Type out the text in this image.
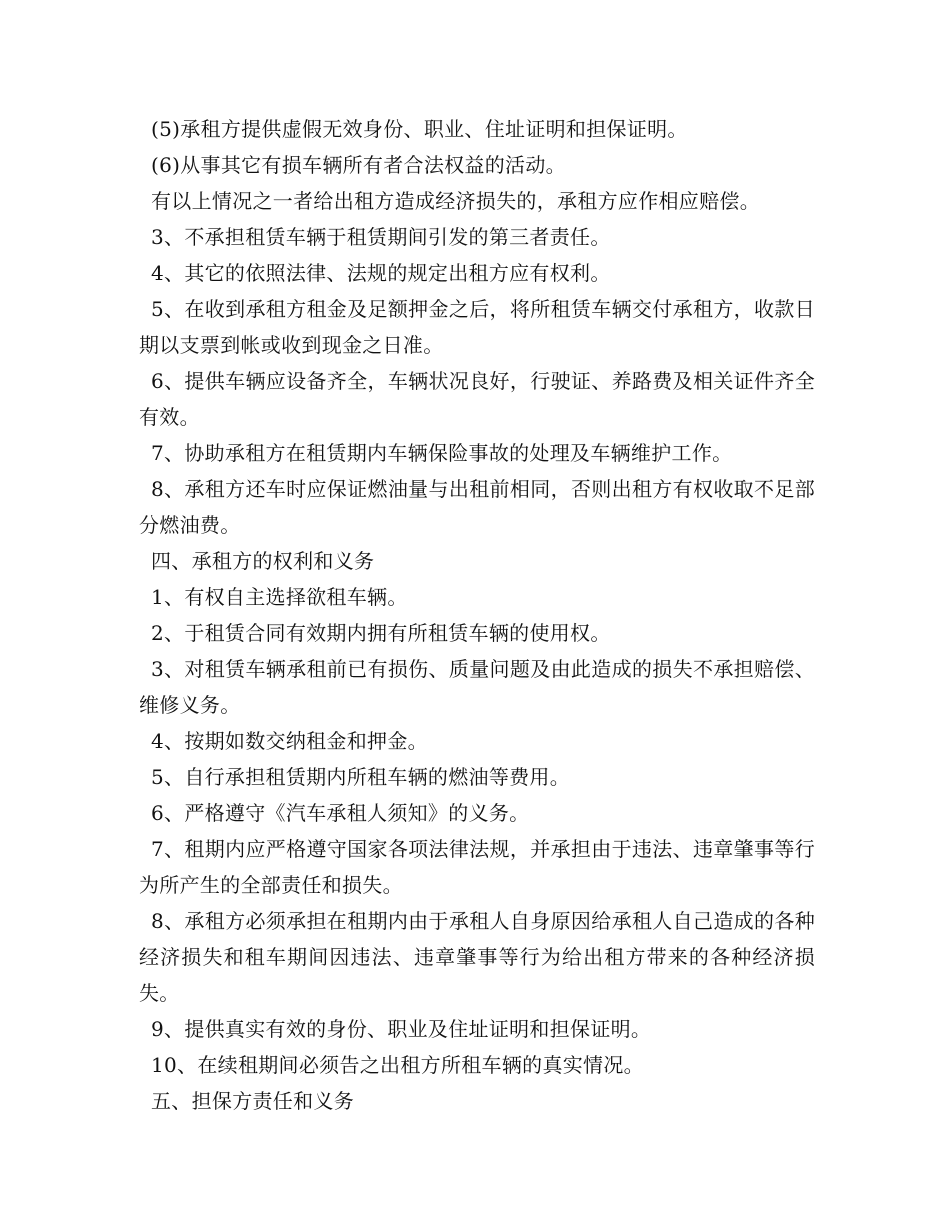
(5)承租方提供虚假无效身份、职业、住址证明和担保证明。

(6)从事其它有损车辆所有者合法权益的活动。

有以上情况之一者给出租方造成经济损失的，承租方应作相应赔偿。

3、不承担租赁车辆于租赁期间引发的第三者责任。

4、其它的依照法律、法规的规定出租方应有权利。

5、在收到承租方租金及足额押金之后，将所租赁车辆交付承租方，收款日期以支票到帐或收到现金之日准。

6、提供车辆应设备齐全，车辆状况良好，行驶证、养路费及相关证件齐全有效。

7、协助承租方在租赁期内车辆保险事故的处理及车辆维护工作。

8、承租方还车时应保证燃油量与出租前相同，否则出租方有权收取不足部分燃油费。

四、承租方的权利和义务

1、有权自主选择欲租车辆。

2、于租赁合同有效期内拥有所租赁车辆的使用权。

3、对租赁车辆承租前已有损伤、质量问题及由此造成的损失不承担赔偿、维修义务。

4、按期如数交纳租金和押金。

5、自行承担租赁期内所租车辆的燃油等费用。

6、严格遵守《汽车承租人须知》的义务。

7、租期内应严格遵守国家各项法律法规，并承担由于违法、违章肇事等行为所产生的全部责任和损失。

8、承租方必须承担在租期内由于承租人自身原因给承租人自己造成的各种经济损失和租车期间因违法、违章肇事等行为给出租方带来的各种经济损失。

9、提供真实有效的身份、职业及住址证明和担保证明。

10、在续租期间必须告之出租方所租车辆的真实情况。

五、担保方责任和义务
